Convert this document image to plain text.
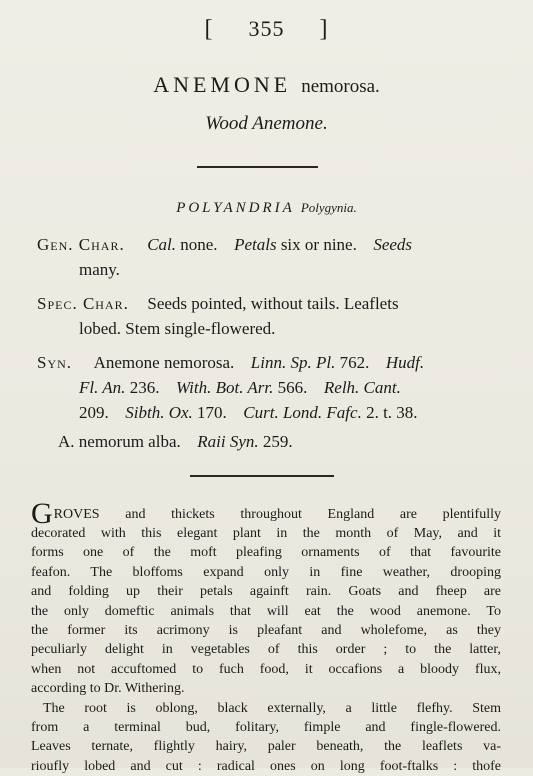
[ 355 ]
ANEMONE nemorosa.
Wood Anemone.
POLYANDRIA Polygynia.
Gen. Char. Cal. none. Petals six or nine. Seeds
many.
Spec. Char. Seeds pointed, without tails. Leaflets
lobed. Stem single-flowered.
Syn. Anemone nemorosa. Linn. Sp. Pl. 762. Hudf.
Fl. An. 236. With. Bot. Arr. 566. Relh. Cant.
209. Sibth. Ox. 170. Curt. Lond. Fafc. 2. t. 38.
A. nemorum alba. Raii Syn. 259.
G ROVES and thickets throughout England are plentifully
decorated with this elegant plant in the month of May, and it
forms one of the moft pleafing ornaments of that favourite
feafon. The bloffoms expand only in fine weather, drooping
and folding up their petals againft rain. Goats and fheep are
the only domeftic animals that will eat the wood anemone. To
the former its acrimony is pleafant and wholefome, as they
peculiarly delight in vegetables of this order ; to the latter,
when not accuftomed to fuch food, it occafions a bloody flux,
according to Dr. Withering.
The root is oblong, black externally, a little flefhy. Stem
from a terminal bud, folitary, fimple and fingle-flowered.
Leaves ternate, flightly hairy, paler beneath, the leaflets va-
rioufly lobed and cut : radical ones on long foot-ftalks : thofe
